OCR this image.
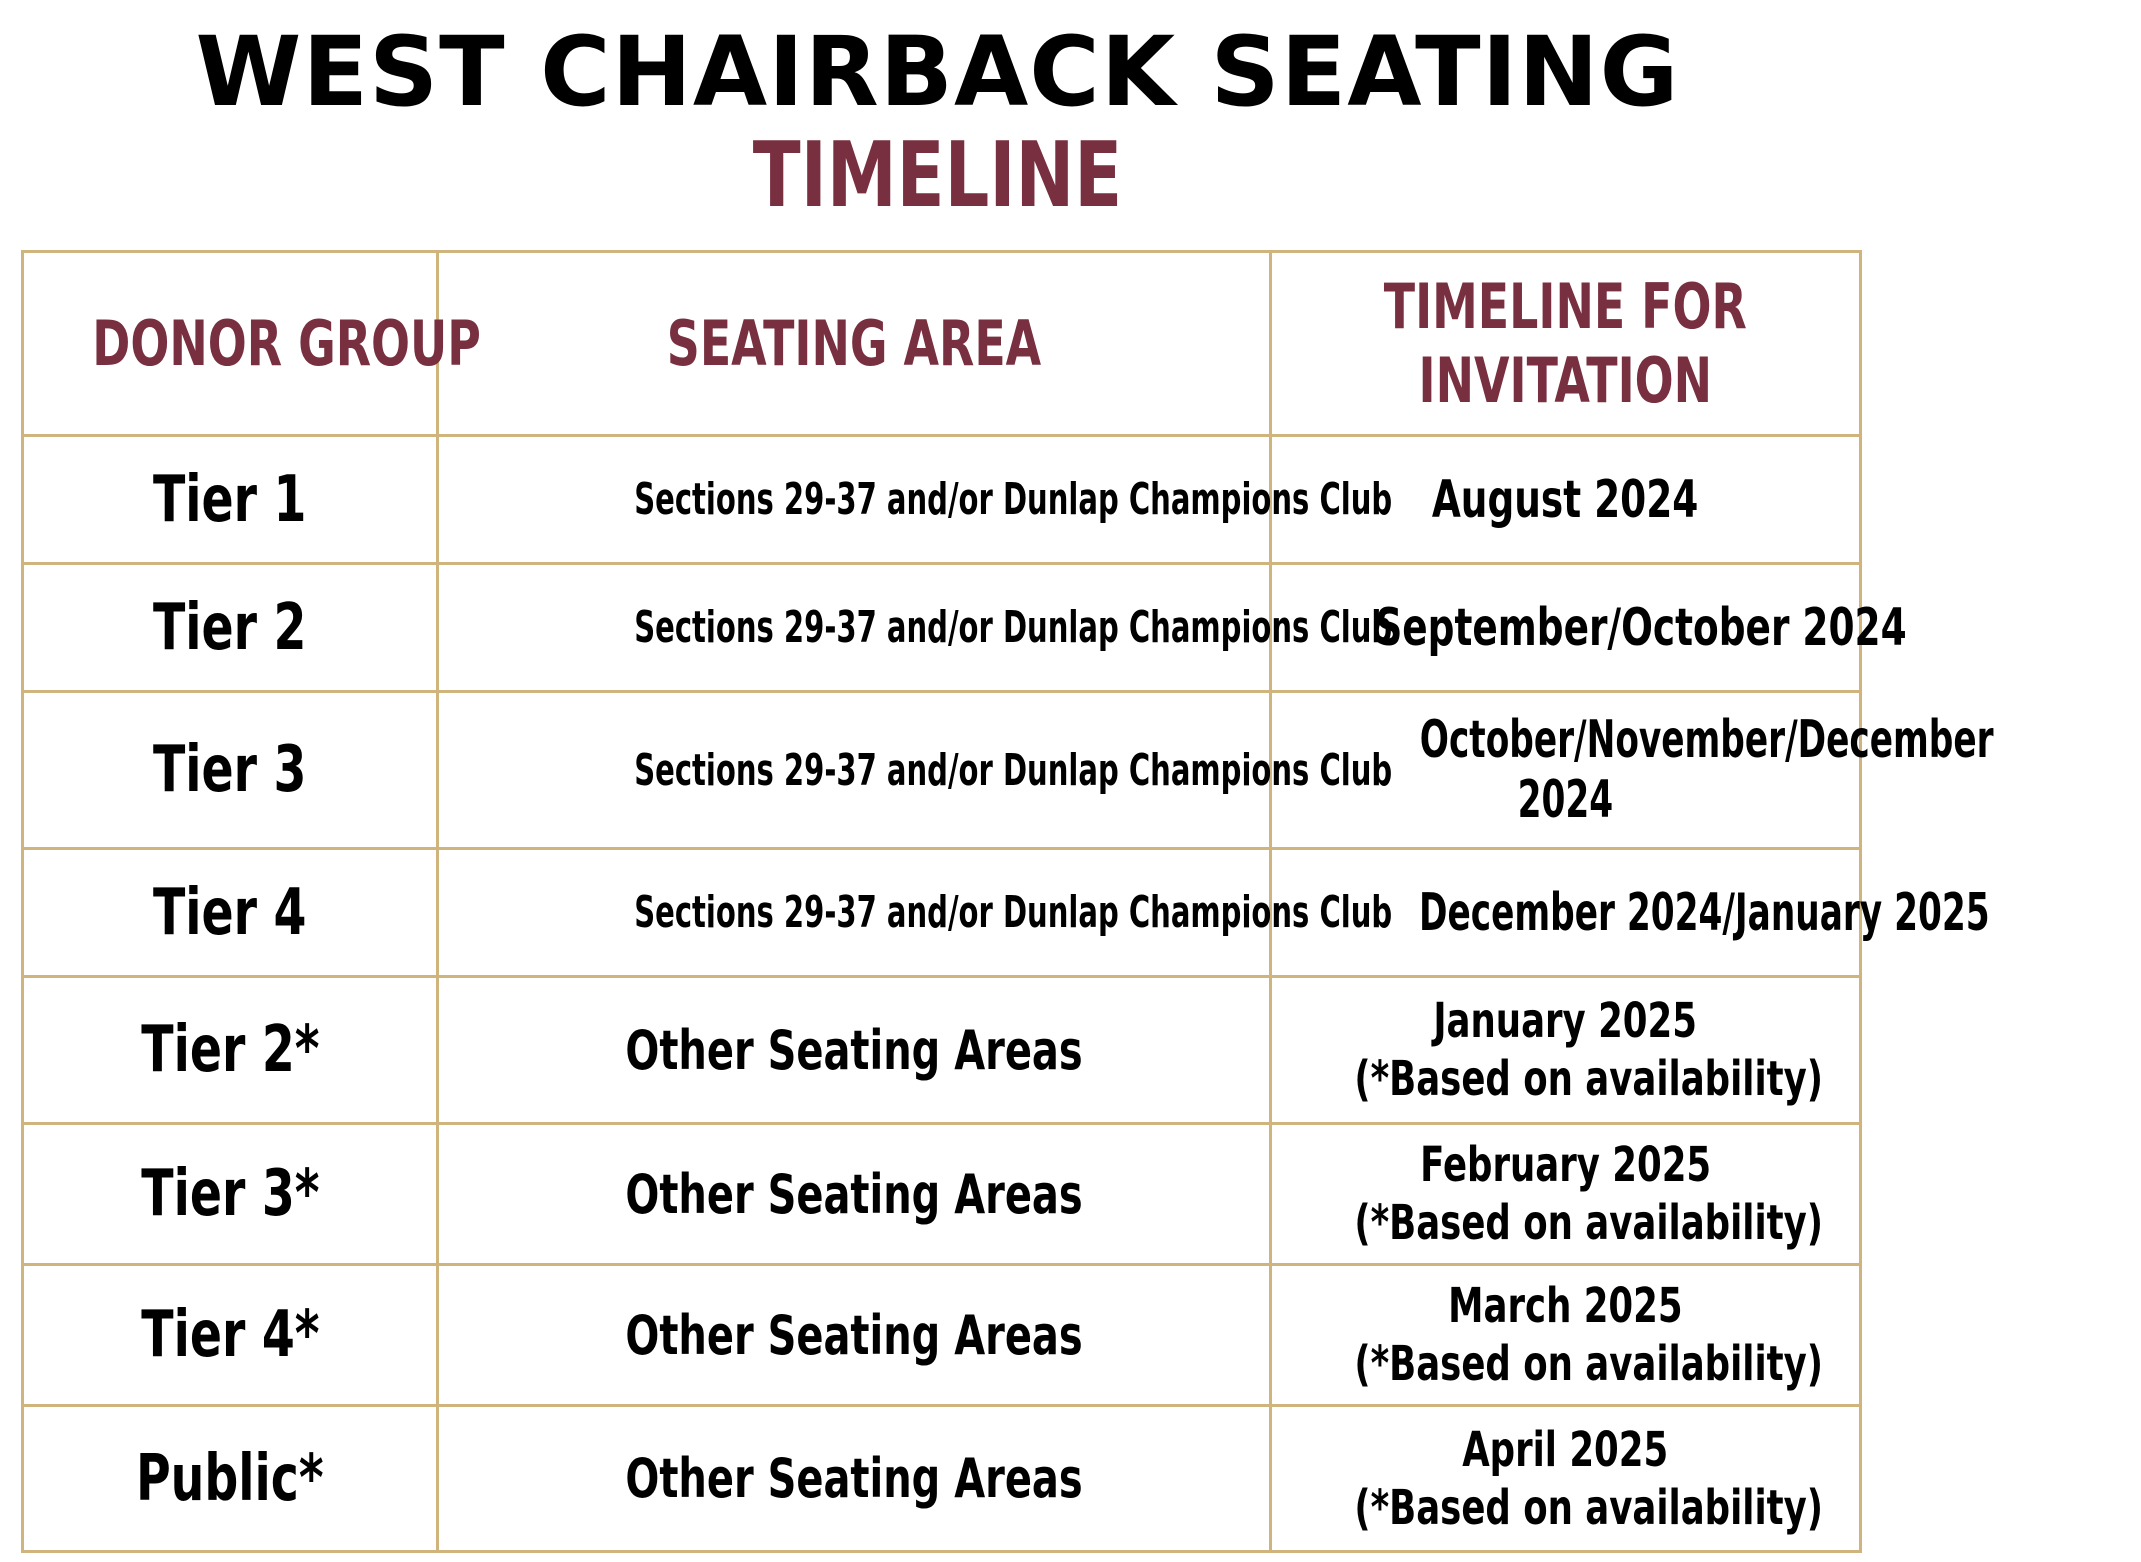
WEST CHAIRBACK SEATING
TIMELINE
DONOR GROUP	SEATING AREA	TIMELINE FOR
INVITATION
Tier 1	Sections 29-37 and/or Dunlap Champions Club	August 2024
Tier 2	Sections 29-37 and/or Dunlap Champions Club	September/October 2024
Tier 3	Sections 29-37 and/or Dunlap Champions Club	October/November/December
2024
Tier 4	Sections 29-37 and/or Dunlap Champions Club	December 2024/January 2025
Tier 2*	Other Seating Areas	January 2025
(*Based on availability)
Tier 3*	Other Seating Areas	February 2025
(*Based on availability)
Tier 4*	Other Seating Areas	March 2025
(*Based on availability)
Public*	Other Seating Areas	April 2025
(*Based on availability)
